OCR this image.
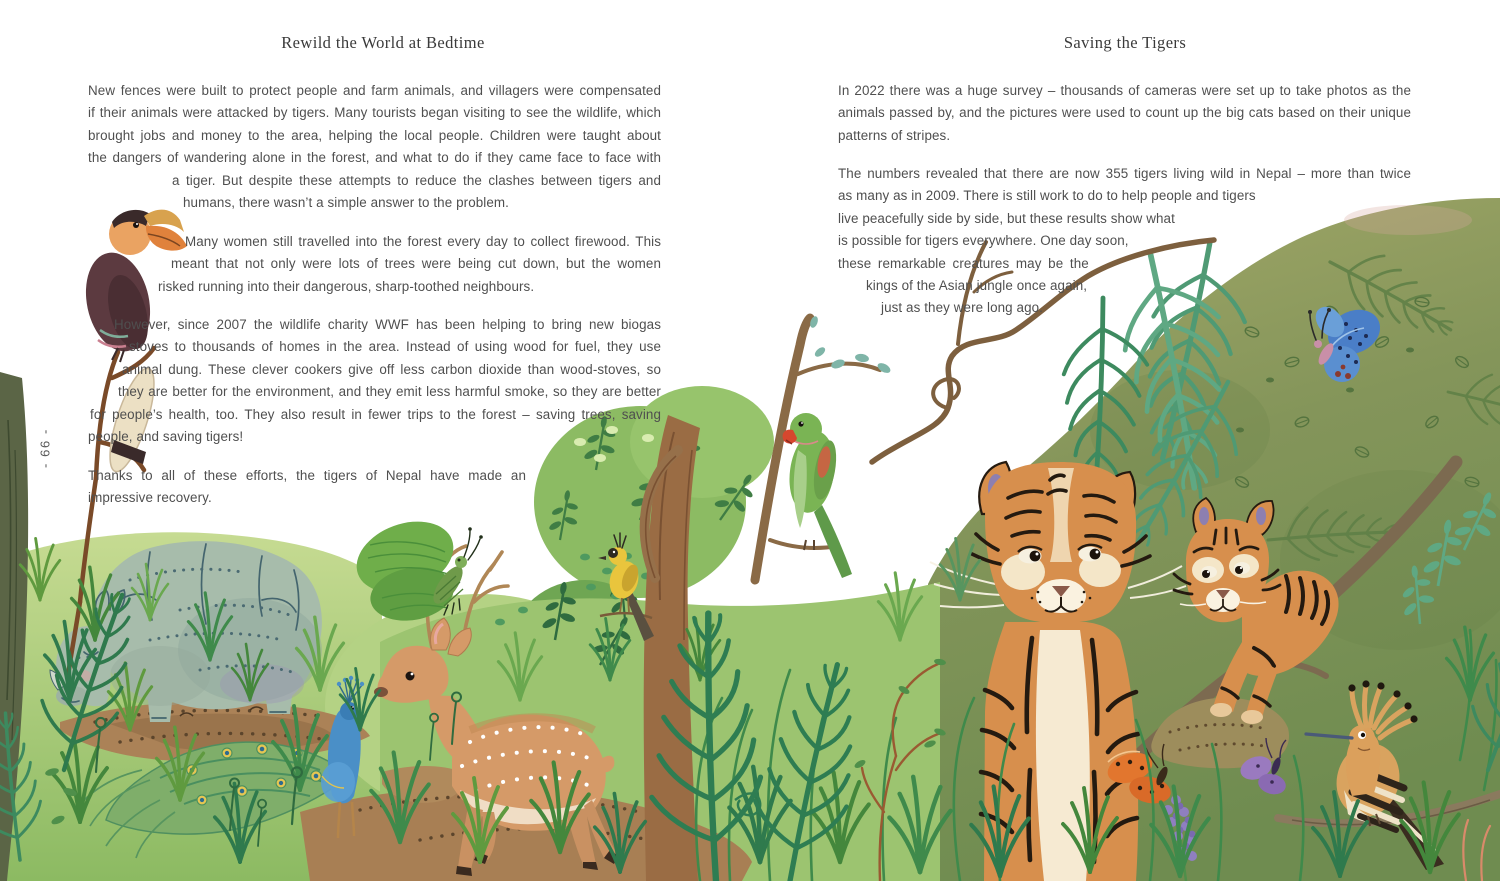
Rewild the World at Bedtime	Saving the Tigers
- 66 -
New fences were built to protect people and farm animals, and villagers were compensated
if their animals were attacked by tigers. Many tourists began visiting to see the wildlife, which
brought jobs and money to the area, helping the local people. Children were taught about
the dangers of wandering alone in the forest, and what to do if they came face to face with
a tiger. But despite these attempts to reduce the clashes between tigers and
humans, there wasn’t a simple answer to the problem.
Many women still travelled into the forest every day to collect firewood. This
meant that not only were lots of trees were being cut down, but the women
risked running into their dangerous, sharp-toothed neighbours.
However, since 2007 the wildlife charity WWF has been helping to bring new biogas
stoves to thousands of homes in the area. Instead of using wood for fuel, they use
animal dung. These clever cookers give off less carbon dioxide than wood-stoves, so
they are better for the environment, and they emit less harmful smoke, so they are better
for people’s health, too. They also result in fewer trips to the forest – saving trees, saving
people, and saving tigers!
Thanks to all of these efforts, the tigers of Nepal have made an
impressive recovery.
In 2022 there was a huge survey – thousands of cameras were set up to take photos as the
animals passed by, and the pictures were used to count up the big cats based on their unique
patterns of stripes.
The numbers revealed that there are now 355 tigers living wild in Nepal – more than twice
as many as in 2009. There is still work to do to help people and tigers
live peacefully side by side, but these results show what
is possible for tigers everywhere. One day soon,
these remarkable creatures may be the
kings of the Asian jungle once again,
just as they were long ago.
